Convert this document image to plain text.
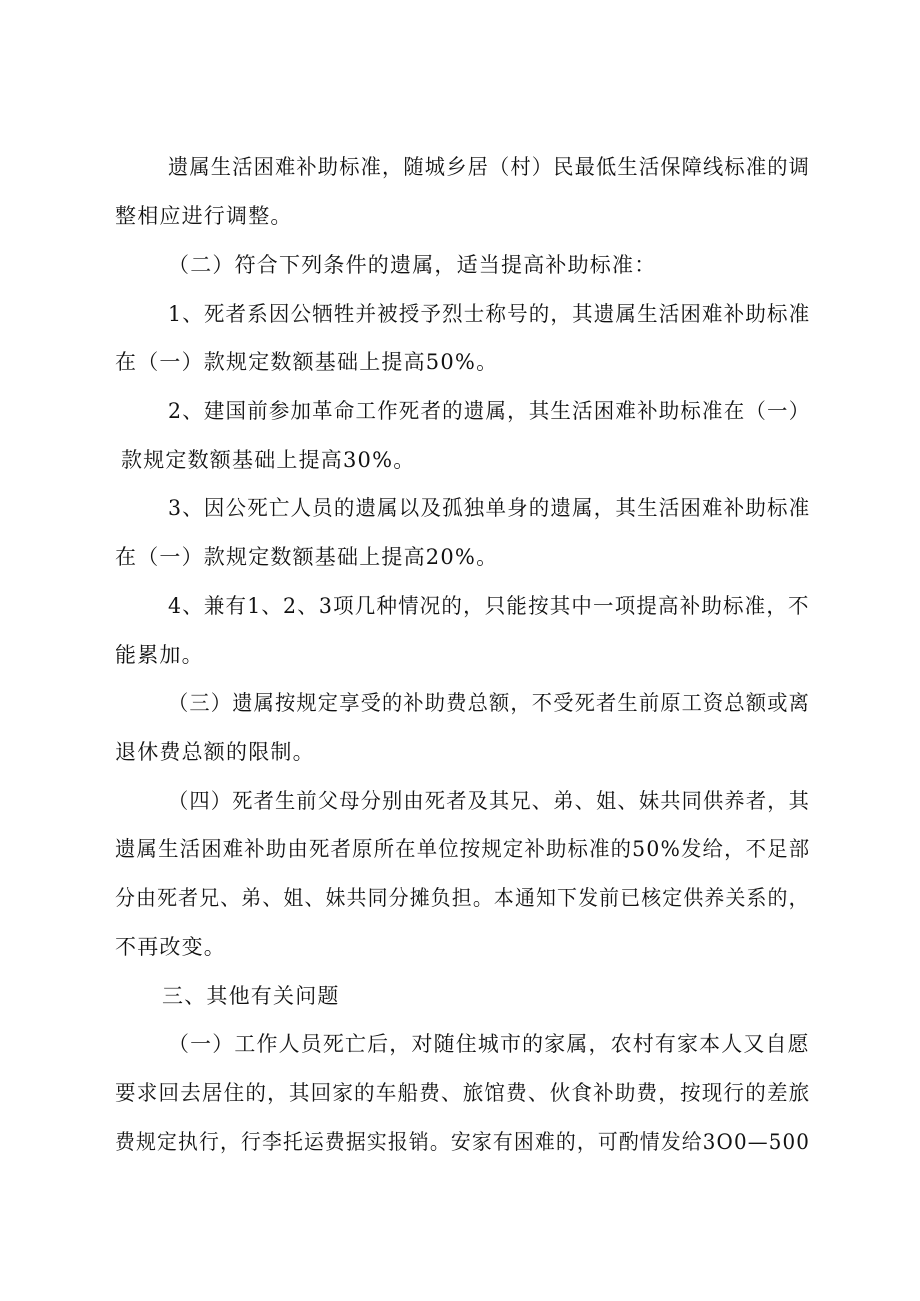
遗属生活困难补助标准，随城乡居（村）民最低生活保障线标准的调
整相应进行调整。
（二）符合下列条件的遗属，适当提高补助标准：
1、死者系因公牺牲并被授予烈士称号的，其遗属生活困难补助标准
在（一）款规定数额基础上提高50%。
2、建国前参加革命工作死者的遗属，其生活困难补助标准在（一）
款规定数额基础上提高30%。
3、因公死亡人员的遗属以及孤独单身的遗属，其生活困难补助标准
在（一）款规定数额基础上提高20%。
4、兼有1、2、3项几种情况的，只能按其中一项提高补助标准，不
能累加。
（三）遗属按规定享受的补助费总额，不受死者生前原工资总额或离
退休费总额的限制。
（四）死者生前父母分别由死者及其兄、弟、姐、妹共同供养者，其
遗属生活困难补助由死者原所在单位按规定补助标准的50%发给，不足部
分由死者兄、弟、姐、妹共同分摊负担。本通知下发前已核定供养关系的，
不再改变。
三、其他有关问题
（一）工作人员死亡后，对随住城市的家属，农村有家本人又自愿
要求回去居住的，其回家的车船费、旅馆费、伙食补助费，按现行的差旅
费规定执行，行李托运费据实报销。安家有困难的，可酌情发给3O0—500
